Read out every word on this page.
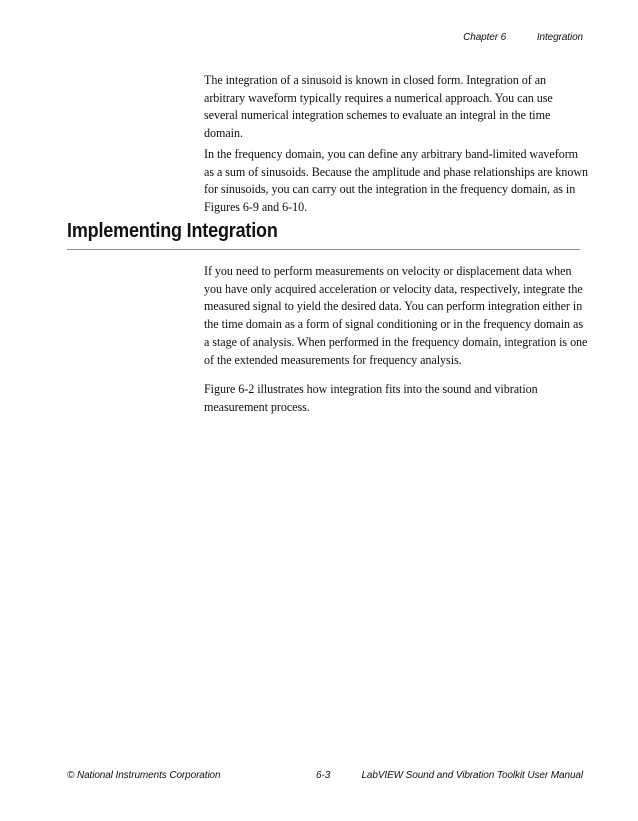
Chapter 6	Integration

The integration of a sinusoid is known in closed form. Integration of an arbitrary waveform typically requires a numerical approach. You can use several numerical integration schemes to evaluate an integral in the time domain.

In the frequency domain, you can define any arbitrary band-limited waveform as a sum of sinusoids. Because the amplitude and phase relationships are known for sinusoids, you can carry out the integration in the frequency domain, as in Figures 6-9 and 6-10.

Implementing Integration

If you need to perform measurements on velocity or displacement data when you have only acquired acceleration or velocity data, respectively, integrate the measured signal to yield the desired data. You can perform integration either in the time domain as a form of signal conditioning or in the frequency domain as a stage of analysis. When performed in the frequency domain, integration is one of the extended measurements for frequency analysis.

Figure 6-2 illustrates how integration fits into the sound and vibration measurement process.

© National Instruments Corporation	6-3	LabVIEW Sound and Vibration Toolkit User Manual
